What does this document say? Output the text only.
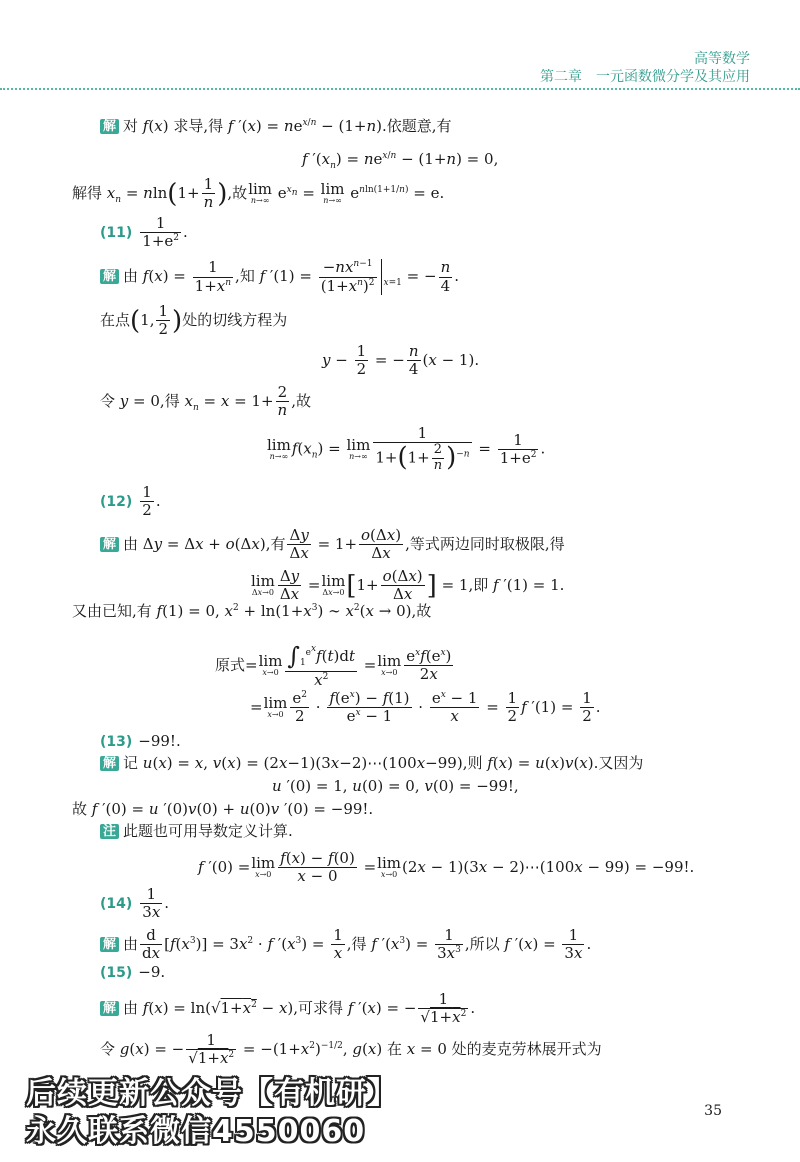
高等数学
第二章　一元函数微分学及其应用
解 对 f(x) 求导,得 f $'(x) = ne^{x/n} - (1+n)$.依题意,有
f $'(x_n) = ne^{x/n} - (1+n) = 0$,
解得 $x_n = nln(1+ \frac{1}{n}$ ),故 lim
n→∞ $e^{x_n} = \lim$
n→∞ $e^{nln(1+1/n)} = e$.
$(11) \frac{1}{1+e^2}$ .
解 由 $f(x) = \frac{1}{1+x^n}$ ,知 f $'(1) = \frac{-nx^{n-1}}{(1+x^n)^2} _{x=1}$ = − $\frac{n}{4}$ .
在点(1, $\frac{1}{2}$ )处的切线方程为
$y - \frac{1}{2}$ = − $\frac{n}{4} (x - 1)$.
令 y = 0,得 $x_n = x = 1+ \frac{2}{n}$ ,故
lim
n→∞ $f(x_n) = \lim$
$n\to\infty \frac{1}{1+(1+ \frac{2}{n} )^{-n}} = \frac{1}{1+e^2}$ .
$(12) \frac{1}{2}$ .
解 由 Δy = Δx + o(Δx),有 $\frac{\Delta y}{\Delta x} = 1+ \frac{o(\Delta x)}{\Delta x}$ ,等式两边同时取极限,得
lim
$\Delta x\to 0 \frac{\Delta y}{\Delta x} = \lim$
Δx→0 [$1+ \frac{o(\Delta x)}{\Delta x}$ ] = 1,即 f ′(1) = 1.
又由已知,有 f(1) = 0, $x^2 + \ln(1+x^3)$ ∼ $x^2(x \to 0)$,故
原式= lim
$x\to 0 \frac{\int_1^{e^x}f(t)dt}{x^2} = \lim$
$x\to 0 \frac{e^xf(e^x)}{2x}$
= lim
$x\to 0 \frac{e^2}{2} \cdot \frac{f(e^x) - f(1)}{e^x - 1} \cdot \frac{e^x - 1}{x} = \frac{1}{2}$ f $'(1) = \frac{1}{2}$ .
(13) −99!.
解 记 u(x) = x, v(x) = (2x−1)(3x−2)⋯(100x−99),则 f(x) = u(x)v(x).又因为
u ′(0) = 1, u(0) = 0, v(0) = −99!,
故 f ′(0) = u ′(0)v(0) + u(0)v ′(0) = −99!.
注 此题也可用导数定义计算.
f ′(0) = lim
$x\to 0 \frac{f(x) - f(0)}{x - 0} = \lim$
x→0 (2x − 1)(3x − 2)⋯(100x − 99) = −99!.
$(14) \frac{1}{3x}$ .
解 由 $\frac{d}{dx} [f(x^3)] = 3x^2 \cdot f$ $'(x^3) = \frac{1}{x}$ ,得 f $'(x^3) = \frac{1}{3x^3}$ ,所以 f $'(x) = \frac{1}{3x}$ .
(15) −9.
解 由 $f(x) = \ln(√1+x^2 - x)$,可求得 f ′(x) = − $\frac{1}{√1+x^2}$ .
令 g(x) = − $\frac{1}{√1+x^2} = -(1+x^2)^{-1/2}$, g(x) 在 x = 0 处的麦克劳林展开式为
35
后续更新公众号【有机研】
永久联系微信4550060
